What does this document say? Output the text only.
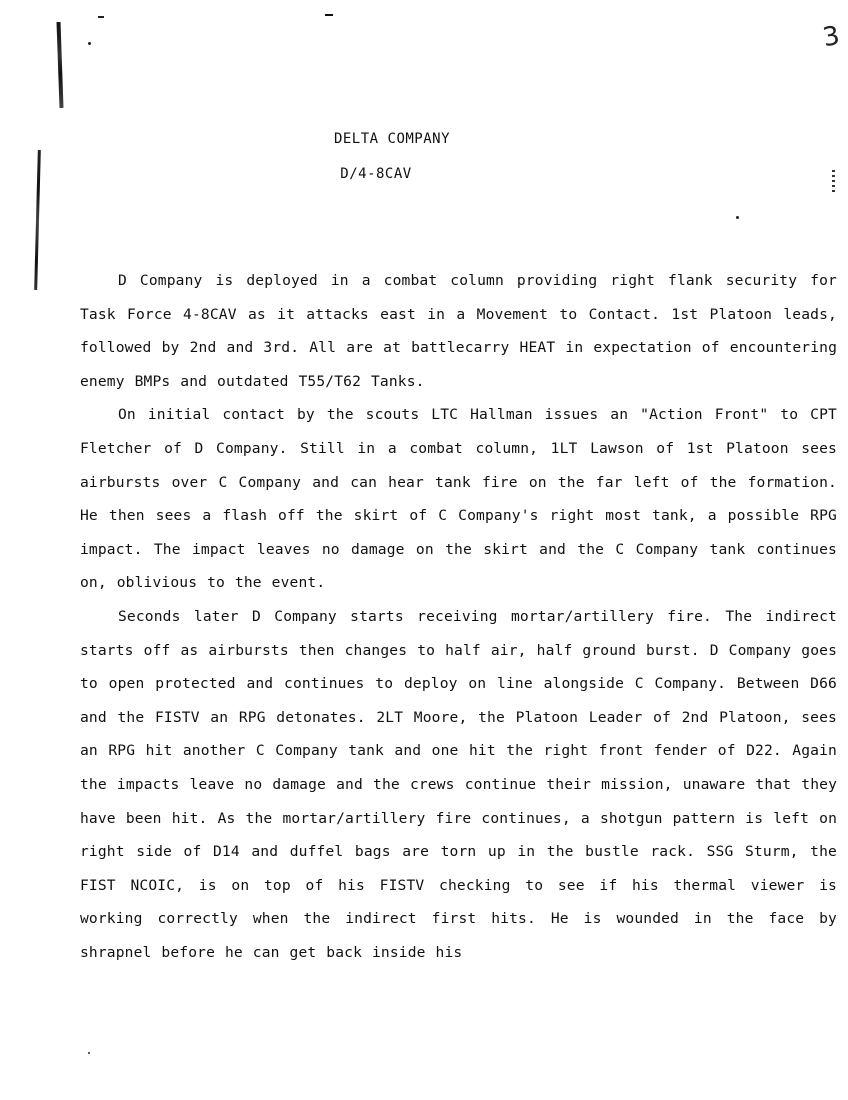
3
DELTA COMPANY
D/4-8CAV

D Company is deployed in a combat column providing right flank security for Task Force 4-8CAV as it attacks east in a Movement to Contact. 1st Platoon leads, followed by 2nd and 3rd. All are at battlecarry HEAT in expectation of encountering enemy BMPs and outdated T55/T62 Tanks.

On initial contact by the scouts LTC Hallman issues an "Action Front" to CPT Fletcher of D Company. Still in a combat column, 1LT Lawson of 1st Platoon sees airbursts over C Company and can hear tank fire on the far left of the formation. He then sees a flash off the skirt of C Company's right most tank, a possible RPG impact. The impact leaves no damage on the skirt and the C Company tank continues on, oblivious to the event.

Seconds later D Company starts receiving mortar/artillery fire. The indirect starts off as airbursts then changes to half air, half ground burst. D Company goes to open protected and continues to deploy on line alongside C Company. Between D66 and the FISTV an RPG detonates. 2LT Moore, the Platoon Leader of 2nd Platoon, sees an RPG hit another C Company tank and one hit the right front fender of D22. Again the impacts leave no damage and the crews continue their mission, unaware that they have been hit. As the mortar/artillery fire continues, a shotgun pattern is left on right side of D14 and duffel bags are torn up in the bustle rack. SSG Sturm, the FIST NCOIC, is on top of his FISTV checking to see if his thermal viewer is working correctly when the indirect first hits. He is wounded in the face by shrapnel before he can get back inside his
